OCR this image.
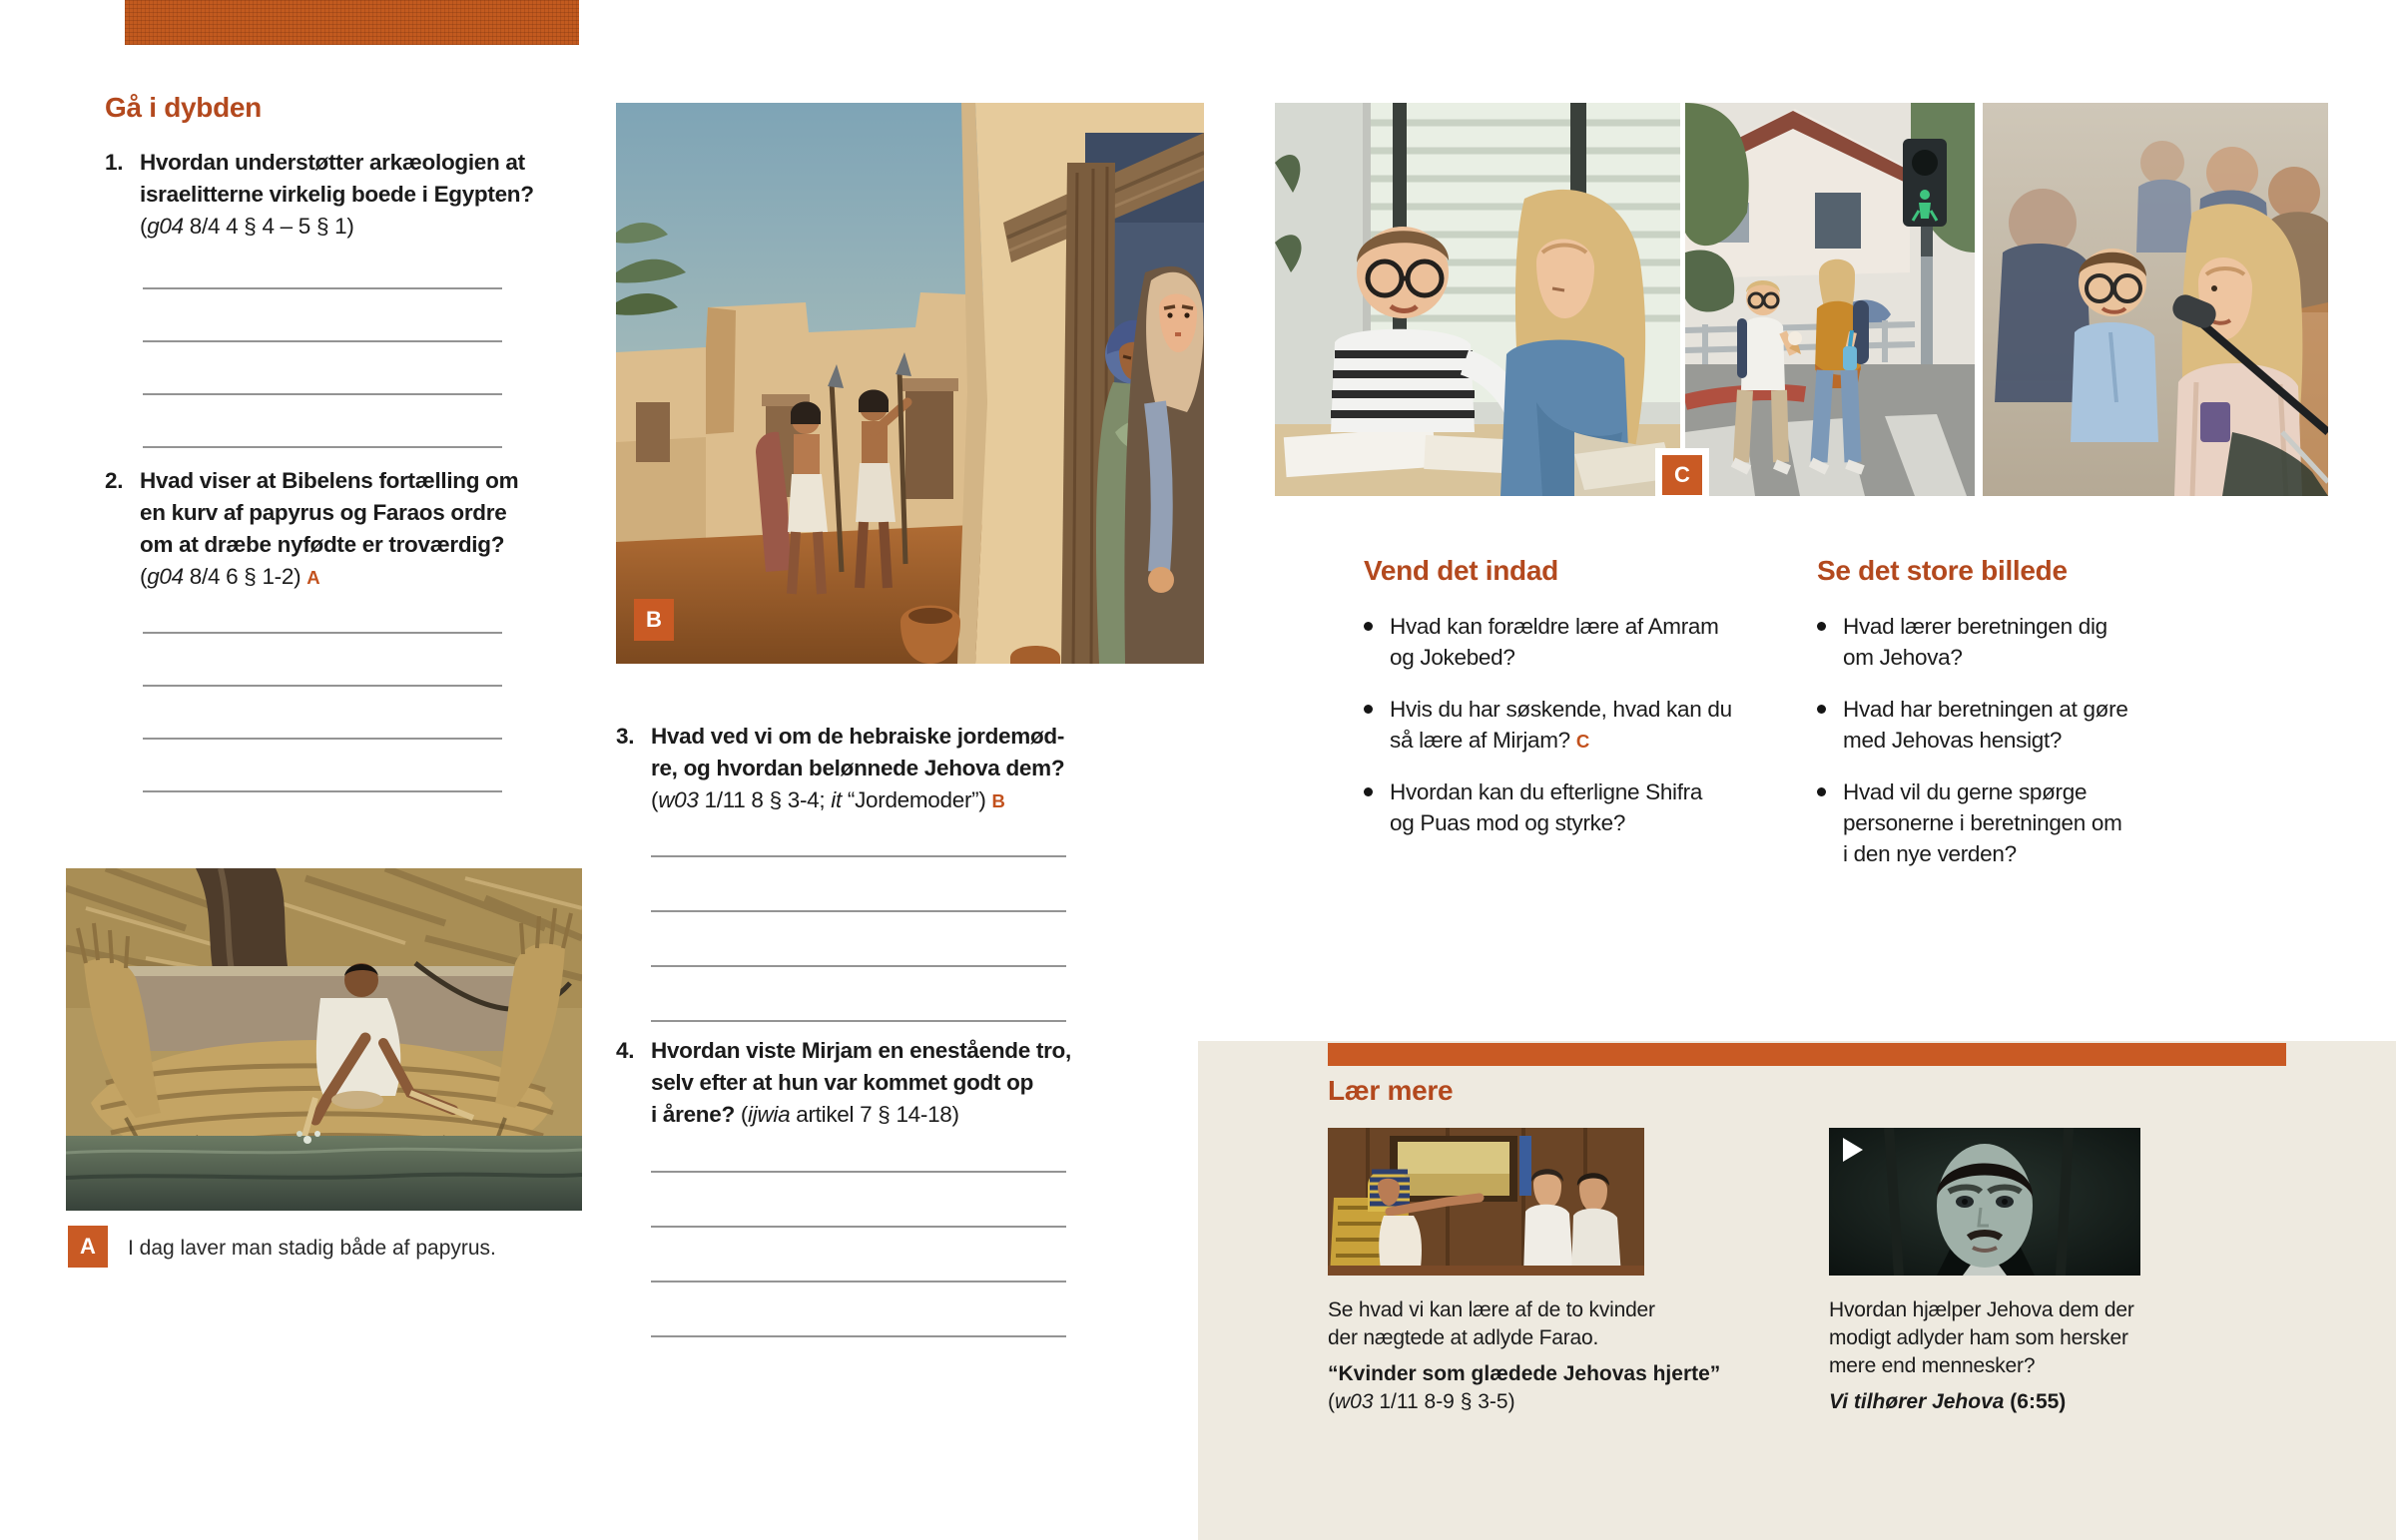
Gå i dybden
1. Hvordan understøtter arkæologien at
israelitterne virkelig boede i Egypten?
(g04 8/4 4 § 4 – 5 § 1)
2. Hvad viser at Bibelens fortælling om
en kurv af papyrus og Faraos ordre
om at dræbe nyfødte er troværdig?
(g04 8/4 6 § 1-2) A
A I dag laver man stadig både af papyrus.
B
3. Hvad ved vi om de hebraiske jordemød-
re, og hvordan belønnede Jehova dem?
(w03 1/11 8 § 3-4; it “Jordemoder”) B
4. Hvordan viste Mirjam en enestående tro,
selv efter at hun var kommet godt op
i årene? (ijwia artikel 7 § 14-18)
C
Vend det indad
Hvad kan forældre lære af Amram
og Jokebed?
Hvis du har søskende, hvad kan du
så lære af Mirjam? C
Hvordan kan du efterligne Shifra
og Puas mod og styrke?
Se det store billede
Hvad lærer beretningen dig
om Jehova?
Hvad har beretningen at gøre
med Jehovas hensigt?
Hvad vil du gerne spørge
personerne i beretningen om
i den nye verden?
Lær mere
Se hvad vi kan lære af de to kvinder
der nægtede at adlyde Farao.
“Kvinder som glædede Jehovas hjerte”
(w03 1/11 8-9 § 3-5)
Hvordan hjælper Jehova dem der
modigt adlyder ham som hersker
mere end mennesker?
Vi tilhører Jehova (6:55)
